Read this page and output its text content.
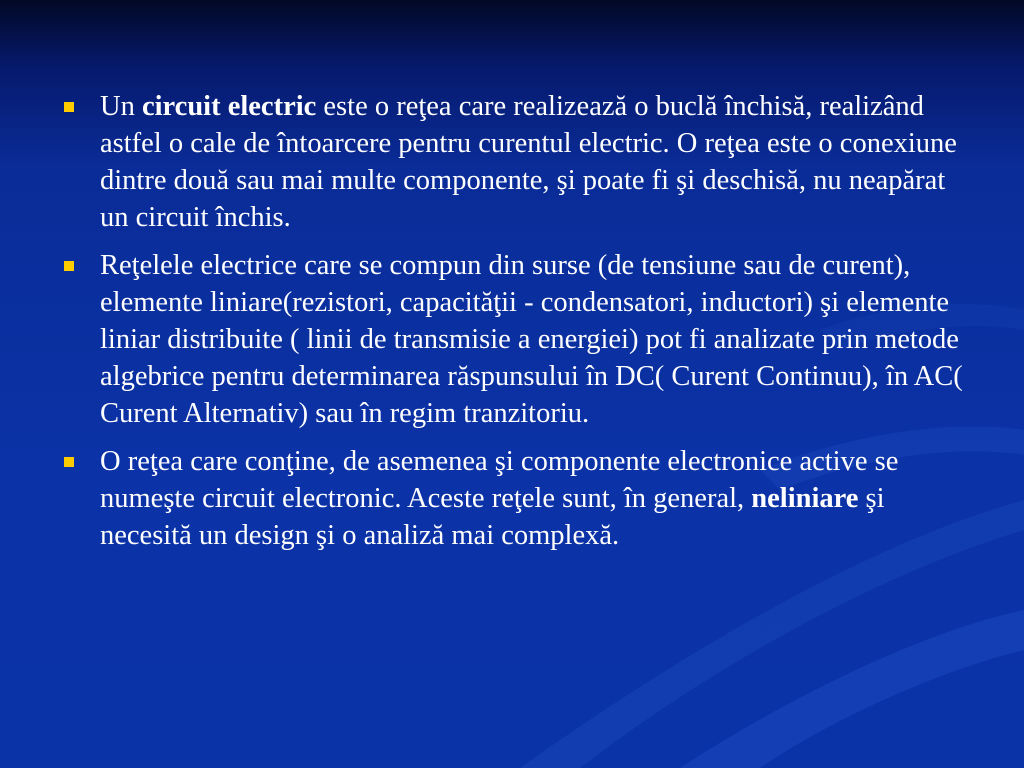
Un circuit electric este o reţea care realizează o buclă închisă, realizând astfel o cale de întoarcere pentru curentul electric. O reţea este o conexiune dintre două sau mai multe componente, şi poate fi şi deschisă, nu neapărat un circuit închis.
Reţelele electrice care se compun din surse (de tensiune sau de curent), elemente liniare(rezistori, capacităţii - condensatori, inductori) şi elemente liniar distribuite ( linii de transmisie a energiei) pot fi analizate prin metode algebrice pentru determinarea răspunsului în DC( Curent Continuu), în AC( Curent Alternativ) sau în regim tranzitoriu.
O reţea care conţine, de asemenea şi componente electronice active se numeşte circuit electronic. Aceste reţele sunt, în general, neliniare şi necesită un design şi o analiză mai complexă.
